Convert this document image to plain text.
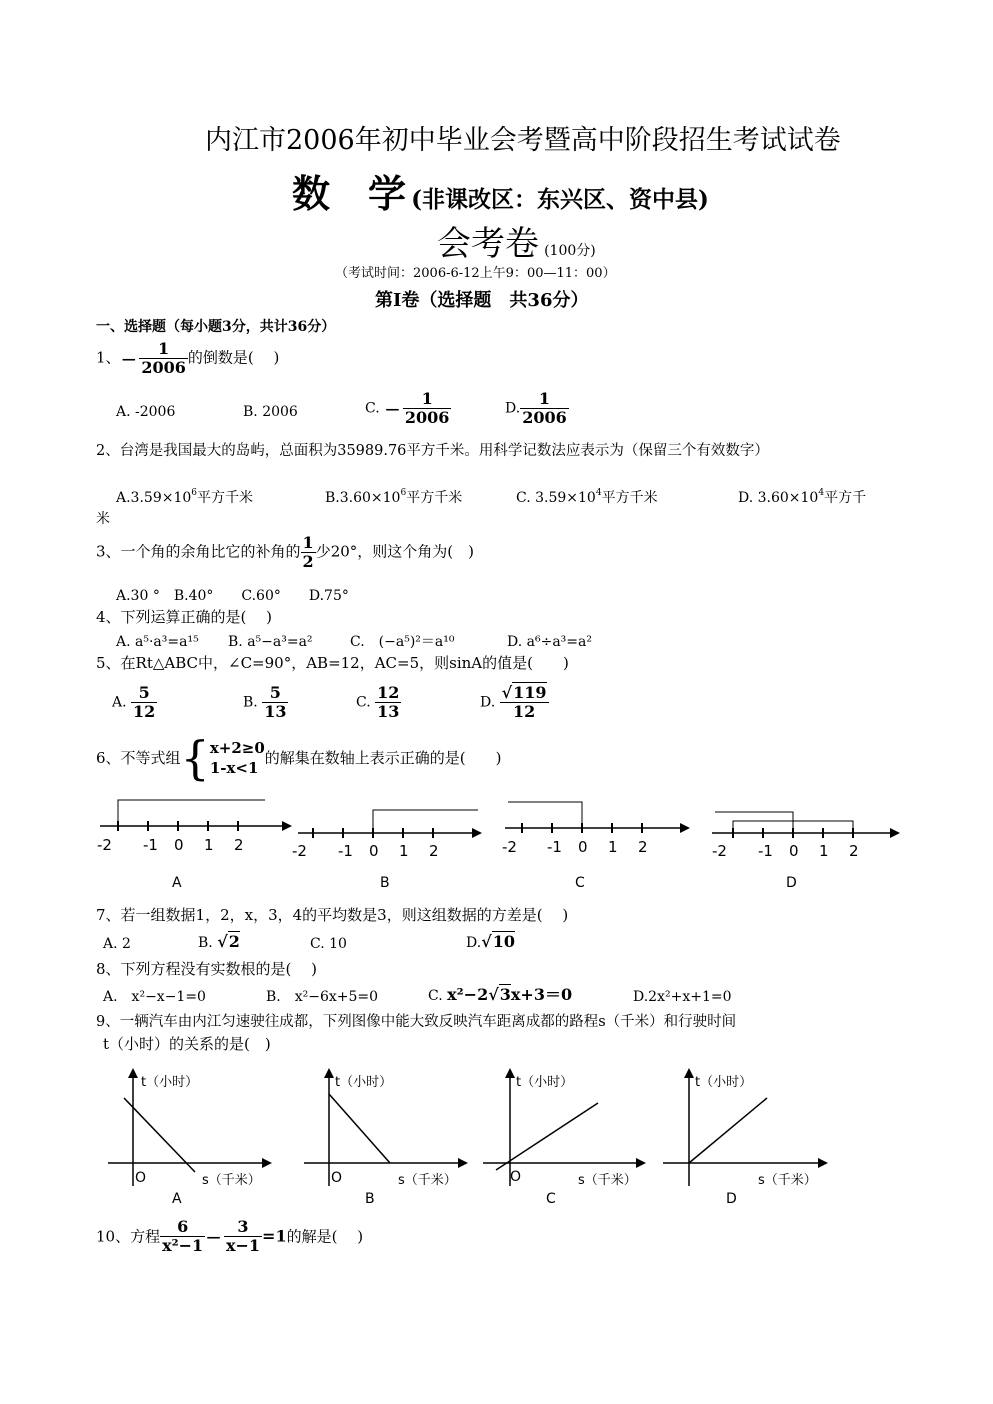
内江市2006年初中毕业会考暨高中阶段招生考试试卷
数　学 (非课改区：东兴区、资中县)
会考卷 (100分)
（考试时间：2006-6-12上午9：00—11：00）
第Ⅰ卷（选择题　共36分）
一、选择题（每小题3分，共计36分）
1、− $\frac{1}{2006}$ 的倒数是(　 )
A. -2006	B. 2006	C. − $\frac{1}{2006}$	D. $\frac{1}{2006}$
2、台湾是我国最大的岛屿，总面积为35989.76平方千米。用科学记数法应表示为（保留三个有效数字）
$A.3.59\times 10^6$平方千米	$B.3.60\times 10^6$平方千米	C. $3.59\times 10^4$平方千米	D. $3.60\times 10^4$平方千
米
3、一个角的余角比它的补角的 $\frac{1}{2}$ 少20°，则这个角为(　)
A.30 °　B.40°　　C.60°　　D.75°
4、下列运算正确的是(　 )
A. a⁵·a³=a¹⁵ B. a⁵−a³=a²	C.　(−a⁵)²＝a¹⁰	D. a⁶÷a³=a²
5、在Rt△ABC中，∠C=90°，AB=12，AC=5，则sinA的值是(　　)
A. $\frac{5}{12}$	B. $\frac{5}{13}$	C. $\frac{12}{13}$	D. $\frac{√119}{12}$
6、不等式组{ x+2≥0
1-x<1
的解集在数轴上表示正确的是(　　)
-2 -1 0 1 2
A
-2 -1 0 1 2
B
-2 -1 0 1 2
C
-2 -1 0 1 2
D
7、若一组数据1，2，x，3，4的平均数是3，则这组数据的方差是(　 )
A. 2	B. √2	C. 10	D.√10
8、下列方程没有实数根的是(　 )
A.　x²−x−1=0	B.　x²−6x+5=0	C. x²−2√3x+3＝0	D.2x²+x+1=0
9、一辆汽车由内江匀速驶往成都，下列图像中能大致反映汽车距离成都的路程s（千米）和行驶时间
t（小时）的关系的是(　)
t（小时）
O	s（千米）
A
t（小时）
O	s（千米）
B
t（小时）
O	s（千米）
C
t（小时）
s（千米）
D
10、方程 $\frac{6}{\text{x²−1}} - \frac{3}{x-1} =1$的解是(　 )
